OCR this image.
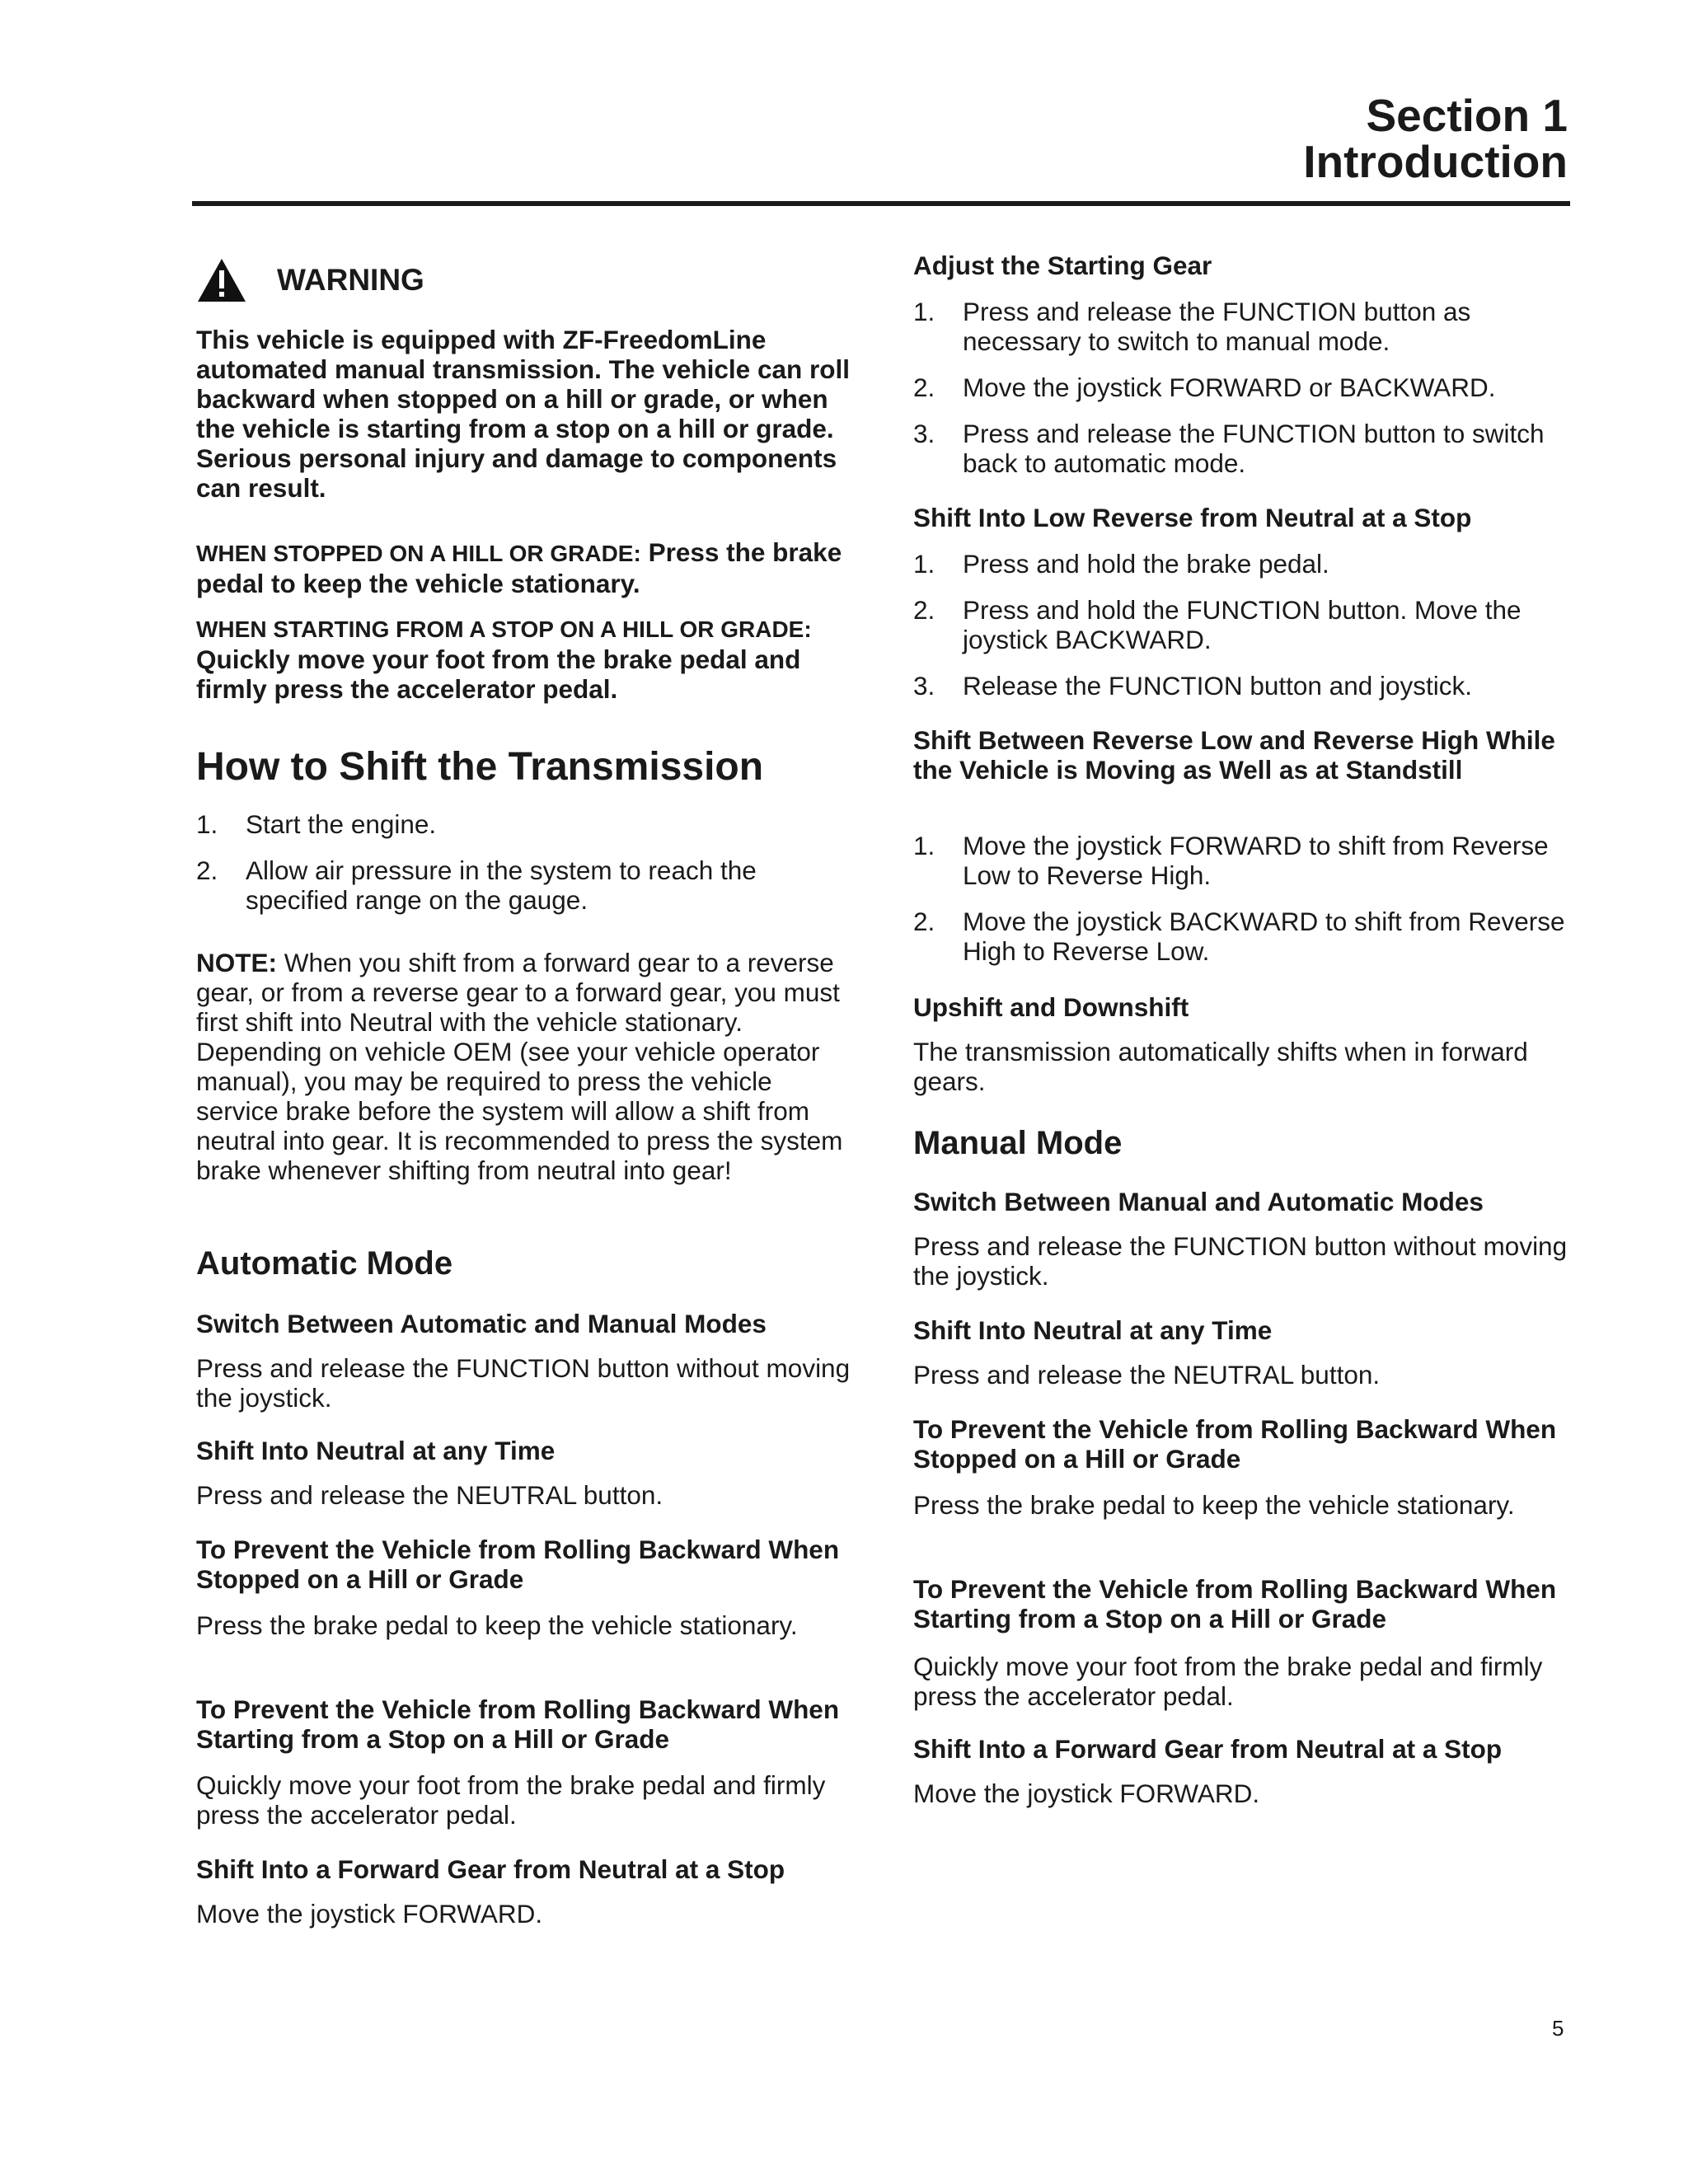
Section 1
Introduction
WARNING

This vehicle is equipped with ZF-FreedomLine automated manual transmission. The vehicle can roll backward when stopped on a hill or grade, or when the vehicle is starting from a stop on a hill or grade. Serious personal injury and damage to components can result.

WHEN STOPPED ON A HILL OR GRADE: Press the brake pedal to keep the vehicle stationary.

WHEN STARTING FROM A STOP ON A HILL OR GRADE: Quickly move your foot from the brake pedal and firmly press the accelerator pedal.

How to Shift the Transmission
1.	Start the engine.
2.	Allow air pressure in the system to reach the specified range on the gauge.

NOTE: When you shift from a forward gear to a reverse gear, or from a reverse gear to a forward gear, you must first shift into Neutral with the vehicle stationary. Depending on vehicle OEM (see your vehicle operator manual), you may be required to press the vehicle service brake before the system will allow a shift from neutral into gear. It is recommended to press the system brake whenever shifting from neutral into gear!

Automatic Mode
Switch Between Automatic and Manual Modes

Press and release the FUNCTION button without moving the joystick.

Shift Into Neutral at any Time

Press and release the NEUTRAL button.

To Prevent the Vehicle from Rolling Backward When Stopped on a Hill or Grade

Press the brake pedal to keep the vehicle stationary.

To Prevent the Vehicle from Rolling Backward When Starting from a Stop on a Hill or Grade

Quickly move your foot from the brake pedal and firmly press the accelerator pedal.

Shift Into a Forward Gear from Neutral at a Stop

Move the joystick FORWARD.

Adjust the Starting Gear
1.	Press and release the FUNCTION button as necessary to switch to manual mode.
2.	Move the joystick FORWARD or BACKWARD.
3.	Press and release the FUNCTION button to switch back to automatic mode.
Shift Into Low Reverse from Neutral at a Stop
1.	Press and hold the brake pedal.
2.	Press and hold the FUNCTION button. Move the joystick BACKWARD.
3.	Release the FUNCTION button and joystick.
Shift Between Reverse Low and Reverse High While the Vehicle is Moving as Well as at Standstill
1.	Move the joystick FORWARD to shift from Reverse Low to Reverse High.
2.	Move the joystick BACKWARD to shift from Reverse High to Reverse Low.
Upshift and Downshift

The transmission automatically shifts when in forward gears.

Manual Mode
Switch Between Manual and Automatic Modes

Press and release the FUNCTION button without moving the joystick.

Shift Into Neutral at any Time

Press and release the NEUTRAL button.

To Prevent the Vehicle from Rolling Backward When Stopped on a Hill or Grade

Press the brake pedal to keep the vehicle stationary.

To Prevent the Vehicle from Rolling Backward When Starting from a Stop on a Hill or Grade

Quickly move your foot from the brake pedal and firmly press the accelerator pedal.

Shift Into a Forward Gear from Neutral at a Stop

Move the joystick FORWARD.

5
